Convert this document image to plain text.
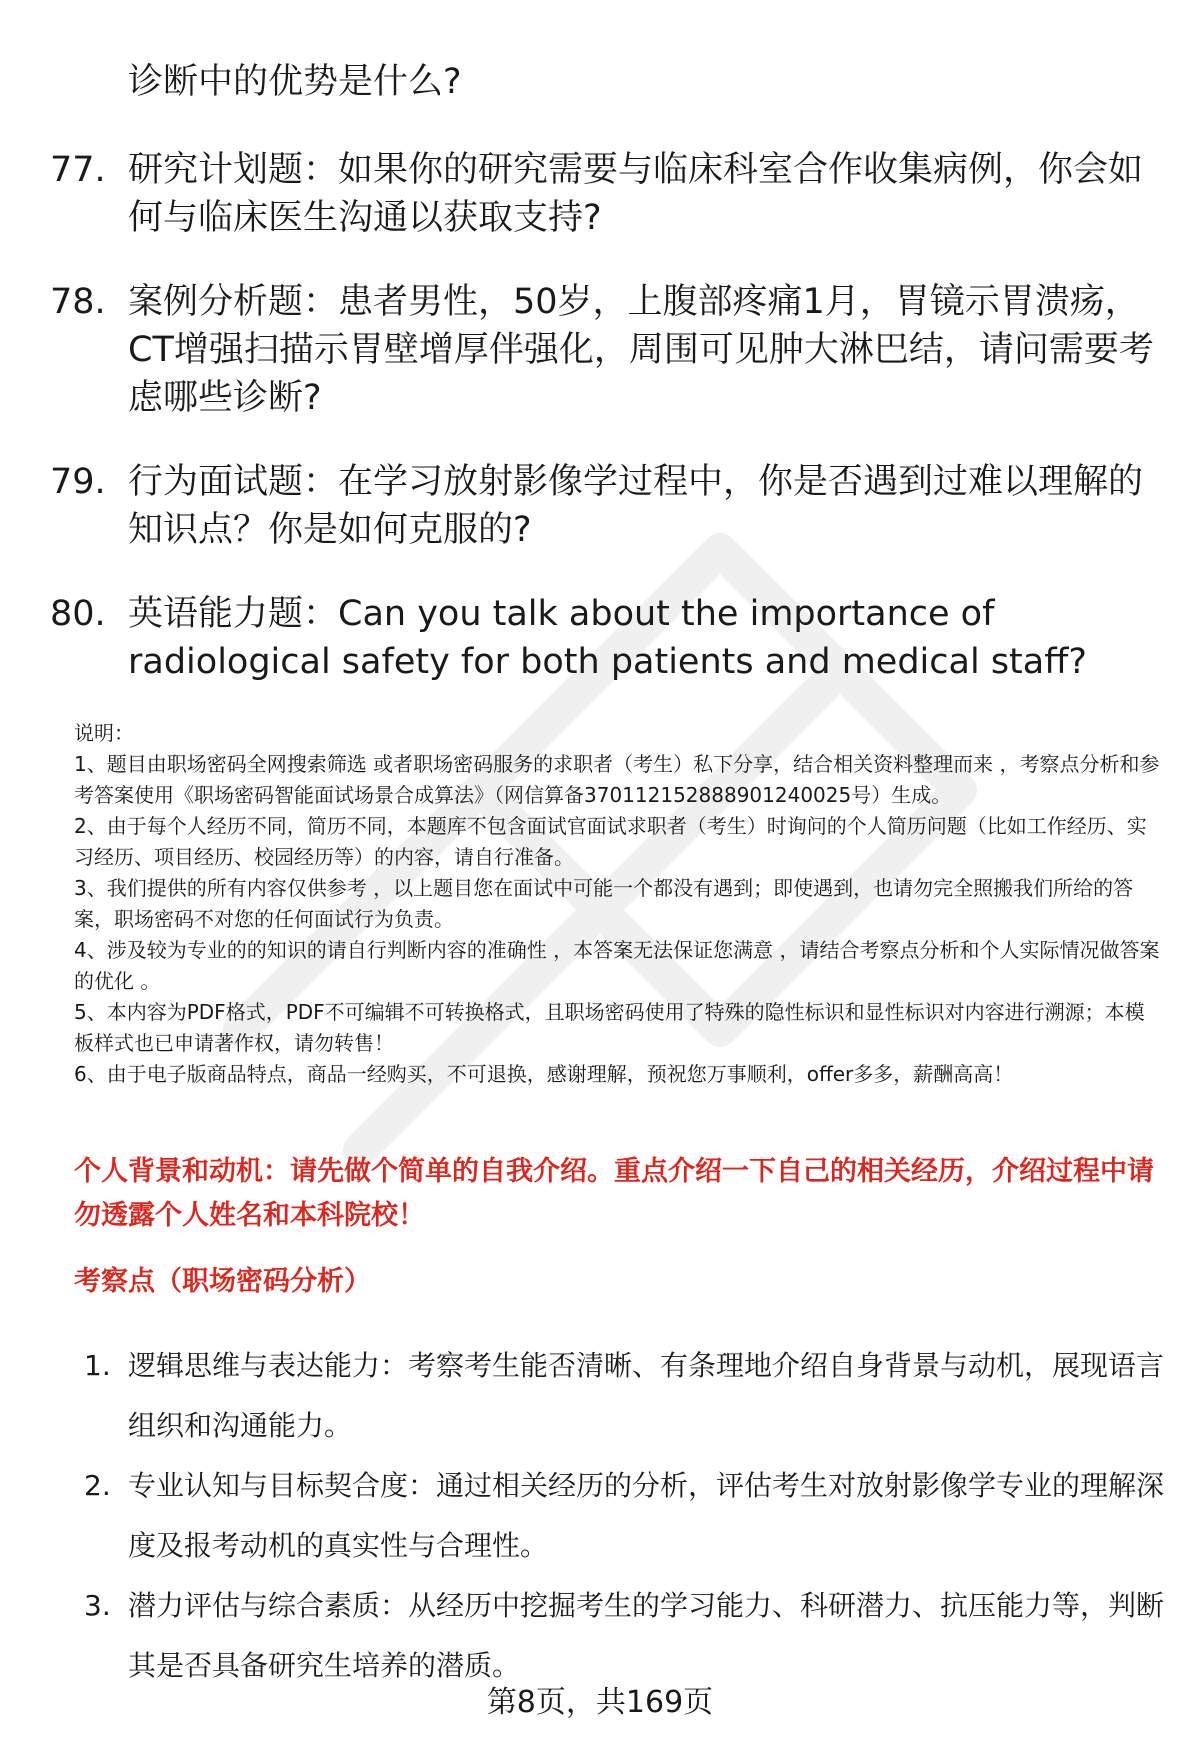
诊断中的优势是什么?
77. 研究计划题：如果你的研究需要与临床科室合作收集病例，你会如何与临床医生沟通以获取支持?
78. 案例分析题：患者男性，50岁，上腹部疼痛1月，胃镜示胃溃疡，CT增强扫描示胃壁增厚伴强化，周围可见肿大淋巴结，请问需要考虑哪些诊断?
79. 行为面试题：在学习放射影像学过程中，你是否遇到过难以理解的知识点？你是如何克服的?
80. 英语能力题：Can you talk about the importance of radiological safety for both patients and medical staff?

说明：

1、题目由职场密码全网搜索筛选 或者职场密码服务的求职者（考生）私下分享，结合相关资料整理而来 ，考察点分析和参考答案使用《职场密码智能面试场景合成算法》（网信算备370112152888901240025号）生成。

2、由于每个人经历不同，简历不同，本题库不包含面试官面试求职者（考生）时询问的个人简历问题（比如工作经历、实习经历、项目经历、校园经历等）的内容，请自行准备。

3、我们提供的所有内容仅供参考 ，以上题目您在面试中可能一个都没有遇到；即使遇到，也请勿完全照搬我们所给的答案，职场密码不对您的任何面试行为负责。

4、涉及较为专业的的知识的请自行判断内容的准确性 ，本答案无法保证您满意 ，请结合考察点分析和个人实际情况做答案的优化 。

5、本内容为PDF格式，PDF不可编辑不可转换格式，且职场密码使用了特殊的隐性标识和显性标识对内容进行溯源；本模板样式也已申请著作权，请勿转售！

6、由于电子版商品特点，商品一经购买，不可退换，感谢理解，预祝您万事顺利，offer多多，薪酬高高！

个人背景和动机：请先做个简单的自我介绍。重点介绍一下自己的相关经历，介绍过程中请勿透露个人姓名和本科院校！
考察点（职场密码分析）
1. 逻辑思维与表达能力：考察考生能否清晰、有条理地介绍自身背景与动机，展现语言组织和沟通能力。
2. 专业认知与目标契合度：通过相关经历的分析，评估考生对放射影像学专业的理解深度及报考动机的真实性与合理性。
3. 潜力评估与综合素质：从经历中挖掘考生的学习能力、科研潜力、抗压能力等，判断其是否具备研究生培养的潜质。
第8页，共169页
